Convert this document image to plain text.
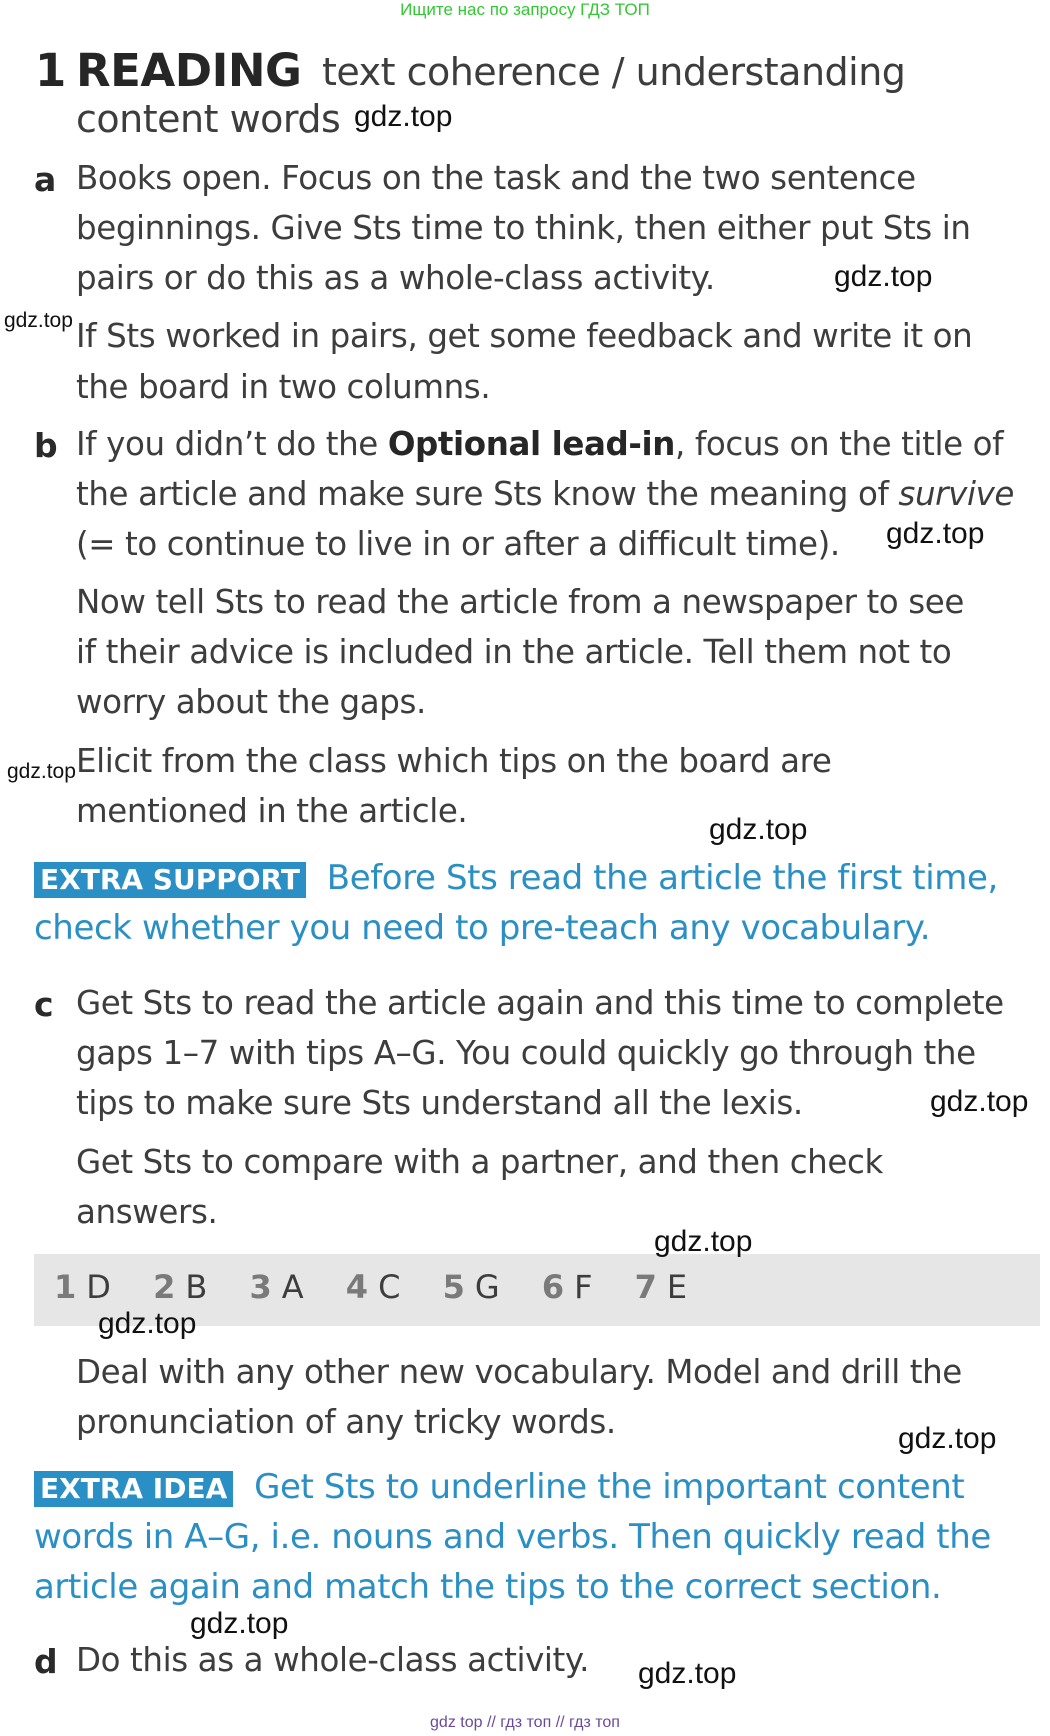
Ищите нас по запросу ГДЗ ТОП
1 READING text coherence / understanding
content words
a Books open. Focus on the task and the two sentence
beginnings. Give Sts time to think, then either put Sts in
pairs or do this as a whole-class activity.
If Sts worked in pairs, get some feedback and write it on
the board in two columns.
b If you didn’t do the Optional lead-in, focus on the title of
the article and make sure Sts know the meaning of survive
(= to continue to live in or after a difficult time).
Now tell Sts to read the article from a newspaper to see
if their advice is included in the article. Tell them not to
worry about the gaps.
Elicit from the class which tips on the board are
mentioned in the article.
EXTRA SUPPORT Before Sts read the article the first time,
check whether you need to pre-teach any vocabulary.
c Get Sts to read the article again and this time to complete
gaps 1–7 with tips A–G. You could quickly go through the
tips to make sure Sts understand all the lexis.
Get Sts to compare with a partner, and then check
answers.
1 D 2 B 3 A 4 C 5 G 6 F 7 E
Deal with any other new vocabulary. Model and drill the
pronunciation of any tricky words.
EXTRA IDEA Get Sts to underline the important content
words in A–G, i.e. nouns and verbs. Then quickly read the
article again and match the tips to the correct section.
d Do this as a whole-class activity.
gdz.top
gdz.top
gdz.top
gdz.top
gdz.top
gdz.top
gdz.top
gdz.top
gdz.top
gdz.top
gdz.top
gdz.top
gdz top // гдз топ // гдз топ
